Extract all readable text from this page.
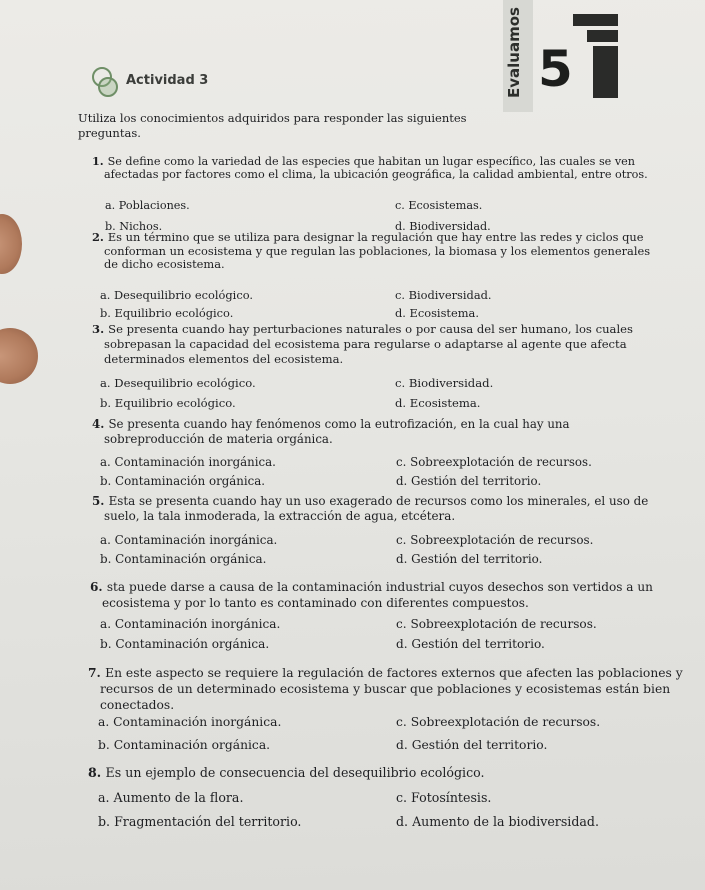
Actividad 3	Evaluamos 5
Utiliza los conocimientos adquiridos para responder las siguientes preguntas.
1. Se define como la variedad de las especies que habitan un lugar específico, las cuales se ven afectadas por factores como el clima, la ubicación geográfica, la calidad ambiental, entre otros.
a. Poblaciones.	c. Ecosistemas.
b. Nichos.	d. Biodiversidad.
2. Es un término que se utiliza para designar la regulación que hay entre las redes y ciclos que conforman un ecosistema y que regulan las poblaciones, la biomasa y los elementos generales de dicho ecosistema.
a. Desequilibrio ecológico.	c. Biodiversidad.
b. Equilibrio ecológico.	d. Ecosistema.
3. Se presenta cuando hay perturbaciones naturales o por causa del ser humano, los cuales sobrepasan la capacidad del ecosistema para regularse o adaptarse al agente que afecta determinados elementos del ecosistema.
a. Desequilibrio ecológico.	c. Biodiversidad.
b. Equilibrio ecológico.	d. Ecosistema.
4. Se presenta cuando hay fenómenos como la eutrofización, en la cual hay una sobreproducción de materia orgánica.
a. Contaminación inorgánica.	c. Sobreexplotación de recursos.
b. Contaminación orgánica.	d. Gestión del territorio.
5. Esta se presenta cuando hay un uso exagerado de recursos como los minerales, el uso de suelo, la tala inmoderada, la extracción de agua, etcétera.
a. Contaminación inorgánica.	c. Sobreexplotación de recursos.
b. Contaminación orgánica.	d. Gestión del territorio.
6. sta puede darse a causa de la contaminación industrial cuyos desechos son vertidos a un ecosistema y por lo tanto es contaminado con diferentes compuestos.
a. Contaminación inorgánica.	c. Sobreexplotación de recursos.
b. Contaminación orgánica.	d. Gestión del territorio.
7. En este aspecto se requiere la regulación de factores externos que afecten las poblaciones y recursos de un determinado ecosistema y buscar que poblaciones y ecosistemas están bien conectados.
a. Contaminación inorgánica.	c. Sobreexplotación de recursos.
b. Contaminación orgánica.	d. Gestión del territorio.
8. Es un ejemplo de consecuencia del desequilibrio ecológico.
a. Aumento de la flora.	c. Fotosíntesis.
b. Fragmentación del territorio.	d. Aumento de la biodiversidad.
